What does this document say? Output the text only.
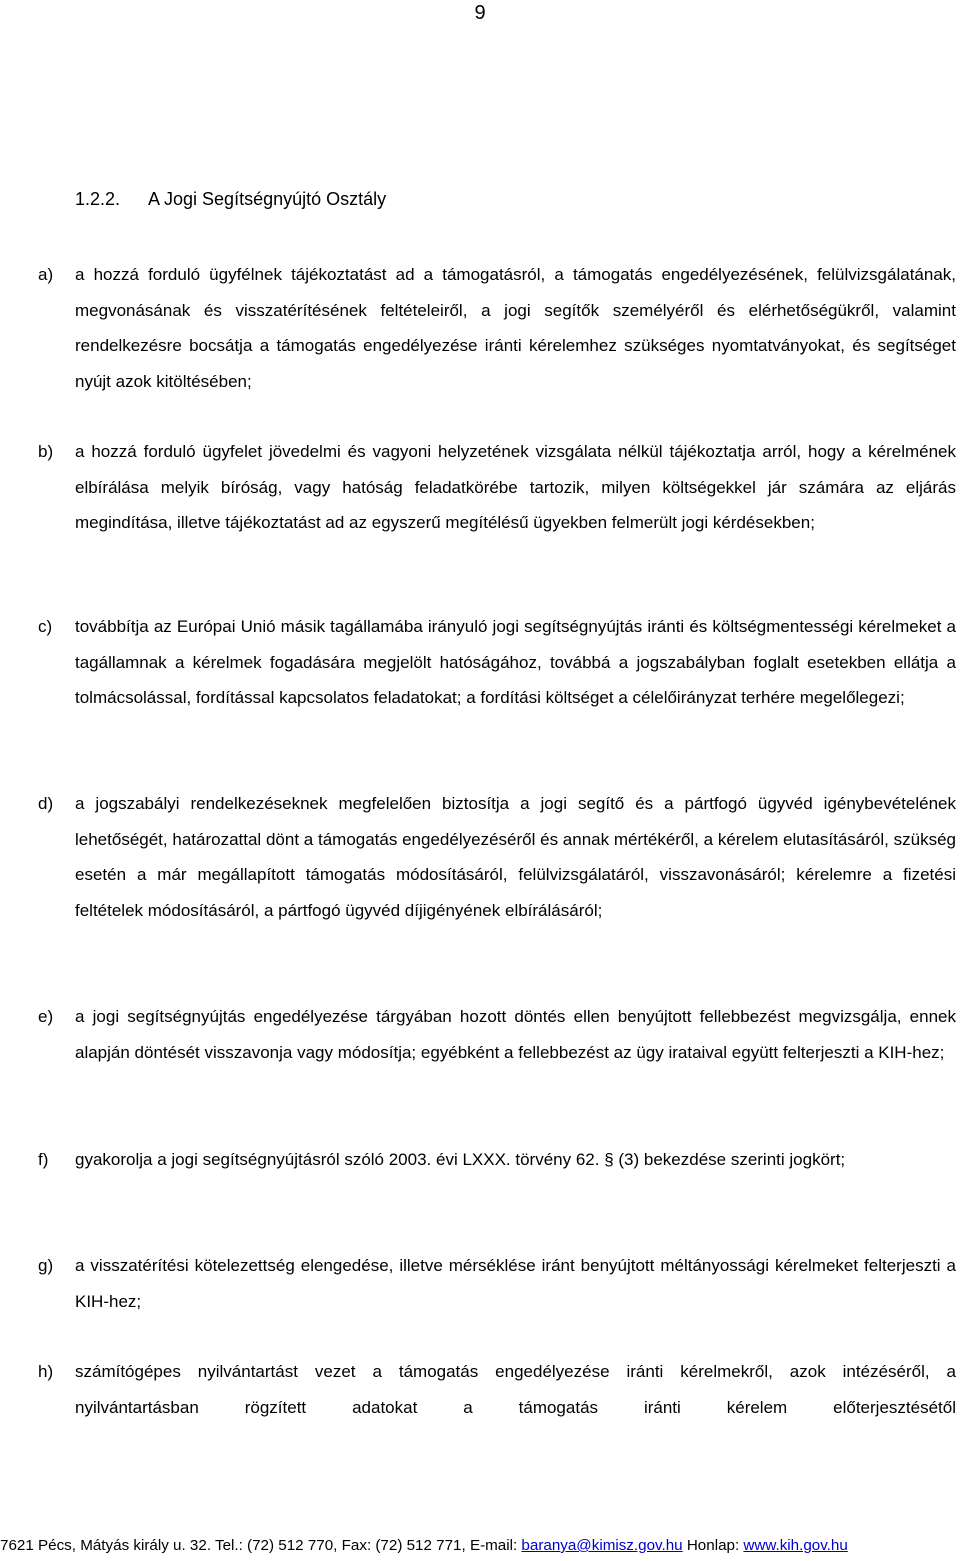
9
1.2.2. A Jogi Segítségnyújtó Osztály
a)	a hozzá forduló ügyfélnek tájékoztatást ad a támogatásról, a támogatás engedélyezésének, felülvizsgálatának, megvonásának és visszatérítésének feltételeiről, a jogi segítők személyéről és elérhetőségükről, valamint rendelkezésre bocsátja a támogatás engedélyezése iránti kérelemhez szükséges nyomtatványokat, és segítséget nyújt azok kitöltésében;
b)	a hozzá forduló ügyfelet jövedelmi és vagyoni helyzetének vizsgálata nélkül tájékoztatja arról, hogy a kérelmének elbírálása melyik bíróság, vagy hatóság feladatkörébe tartozik, milyen költségekkel jár számára az eljárás megindítása, illetve tájékoztatást ad az egyszerű megítélésű ügyekben felmerült jogi kérdésekben;
c)	továbbítja az Európai Unió másik tagállamába irányuló jogi segítségnyújtás iránti és költségmentességi kérelmeket a tagállamnak a kérelmek fogadására megjelölt hatóságához, továbbá a jogszabályban foglalt esetekben ellátja a tolmácsolással, fordítással kapcsolatos feladatokat; a fordítási költséget a célelőirányzat terhére megelőlegezi;
d)	a jogszabályi rendelkezéseknek megfelelően biztosítja a jogi segítő és a pártfogó ügyvéd igénybevételének lehetőségét, határozattal dönt a támogatás engedélyezéséről és annak mértékéről, a kérelem elutasításáról, szükség esetén a már megállapított támogatás módosításáról, felülvizsgálatáról, visszavonásáról; kérelemre a fizetési feltételek módosításáról, a pártfogó ügyvéd díjigényének elbírálásáról;
e)	a jogi segítségnyújtás engedélyezése tárgyában hozott döntés ellen benyújtott fellebbezést megvizsgálja, ennek alapján döntését visszavonja vagy módosítja; egyébként a fellebbezést az ügy irataival együtt felterjeszti a KIH-hez;
f)	gyakorolja a jogi segítségnyújtásról szóló 2003. évi LXXX. törvény 62. § (3) bekezdése szerinti jogkört;
g)	a visszatérítési kötelezettség elengedése, illetve mérséklése iránt benyújtott méltányossági kérelmeket felterjeszti a KIH-hez;
h)	számítógépes nyilvántartást vezet a támogatás engedélyezése iránti kérelmekről, azok intézéséről, a nyilvántartásban rögzített adatokat a támogatás iránti kérelem előterjesztésétől
7621 Pécs, Mátyás király u. 32. Tel.: (72) 512 770, Fax: (72) 512 771, E-mail: baranya@kimisz.gov.hu Honlap: www.kih.gov.hu
